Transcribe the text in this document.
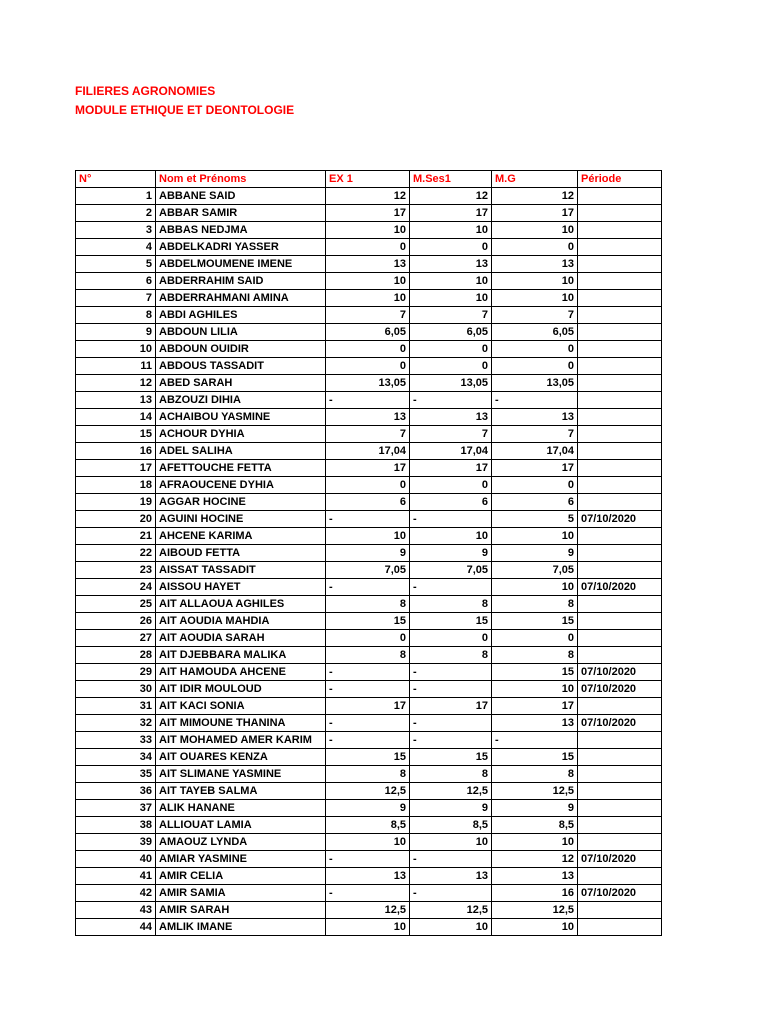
FILIERES AGRONOMIES
MODULE ETHIQUE ET DEONTOLOGIE
N°	Nom et Prénoms	EX 1	M.Ses1	M.G	Période
1	ABBANE SAID	12	12	12	
2	ABBAR SAMIR	17	17	17	
3	ABBAS NEDJMA	10	10	10	
4	ABDELKADRI YASSER	0	0	0	
5	ABDELMOUMENE IMENE	13	13	13	
6	ABDERRAHIM SAID	10	10	10	
7	ABDERRAHMANI AMINA	10	10	10	
8	ABDI AGHILES	7	7	7	
9	ABDOUN LILIA	6,05	6,05	6,05	
10	ABDOUN OUIDIR	0	0	0	
11	ABDOUS TASSADIT	0	0	0	
12	ABED SARAH	13,05	13,05	13,05	
13	ABZOUZI DIHIA	-	-	-	
14	ACHAIBOU YASMINE	13	13	13	
15	ACHOUR DYHIA	7	7	7	
16	ADEL SALIHA	17,04	17,04	17,04	
17	AFETTOUCHE FETTA	17	17	17	
18	AFRAOUCENE DYHIA	0	0	0	
19	AGGAR HOCINE	6	6	6	
20	AGUINI HOCINE	-	-	5	07/10/2020
21	AHCENE KARIMA	10	10	10	
22	AIBOUD FETTA	9	9	9	
23	AISSAT TASSADIT	7,05	7,05	7,05	
24	AISSOU HAYET	-	-	10	07/10/2020
25	AIT ALLAOUA AGHILES	8	8	8	
26	AIT AOUDIA MAHDIA	15	15	15	
27	AIT AOUDIA SARAH	0	0	0	
28	AIT DJEBBARA MALIKA	8	8	8	
29	AIT HAMOUDA AHCENE	-	-	15	07/10/2020
30	AIT IDIR MOULOUD	-	-	10	07/10/2020
31	AIT KACI SONIA	17	17	17	
32	AIT MIMOUNE THANINA	-	-	13	07/10/2020
33	AIT MOHAMED AMER KARIM	-	-	-	
34	AIT OUARES KENZA	15	15	15	
35	AIT SLIMANE YASMINE	8	8	8	
36	AIT TAYEB SALMA	12,5	12,5	12,5	
37	ALIK HANANE	9	9	9	
38	ALLIOUAT LAMIA	8,5	8,5	8,5	
39	AMAOUZ LYNDA	10	10	10	
40	AMIAR YASMINE	-	-	12	07/10/2020
41	AMIR CELIA	13	13	13	
42	AMIR SAMIA	-	-	16	07/10/2020
43	AMIR SARAH	12,5	12,5	12,5	
44	AMLIK IMANE	10	10	10	
